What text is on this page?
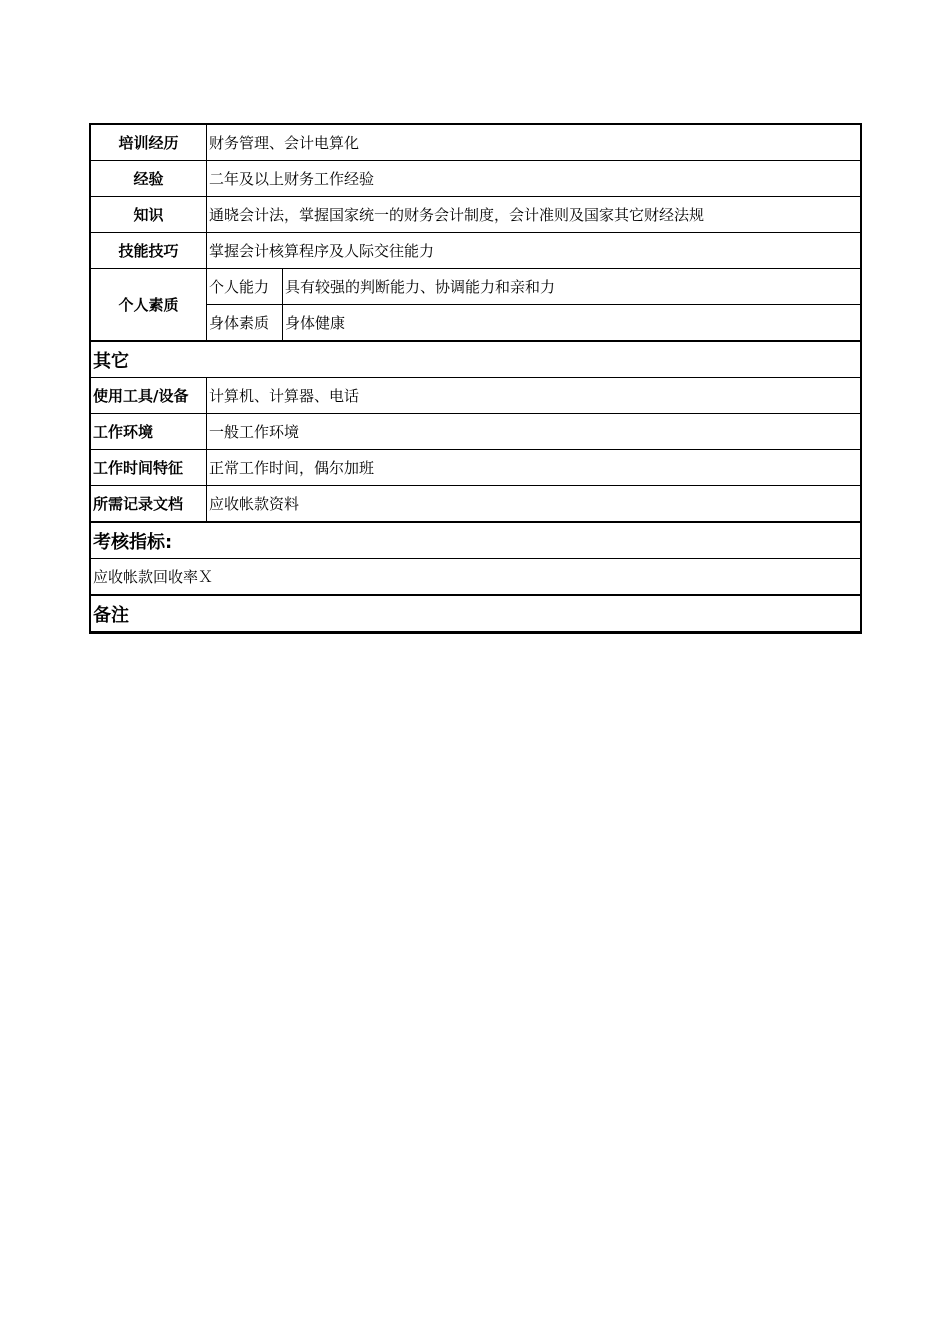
培训经历	财务管理、会计电算化	
经验	二年及以上财务工作经验	
知识	通晓会计法，掌握国家统一的财务会计制度，会计准则及国家其它财经法规	
技能技巧	掌握会计核算程序及人际交往能力	
个人素质	个人能力	具有较强的判断能力、协调能力和亲和力
	身体素质	身体健康
其它		
使用工具/设备	计算机、计算器、电话	
工作环境	一般工作环境	
工作时间特征	正常工作时间，偶尔加班	
所需记录文档	应收帐款资料	
考核指标:		
应收帐款回收率Ｘ		
备注		
